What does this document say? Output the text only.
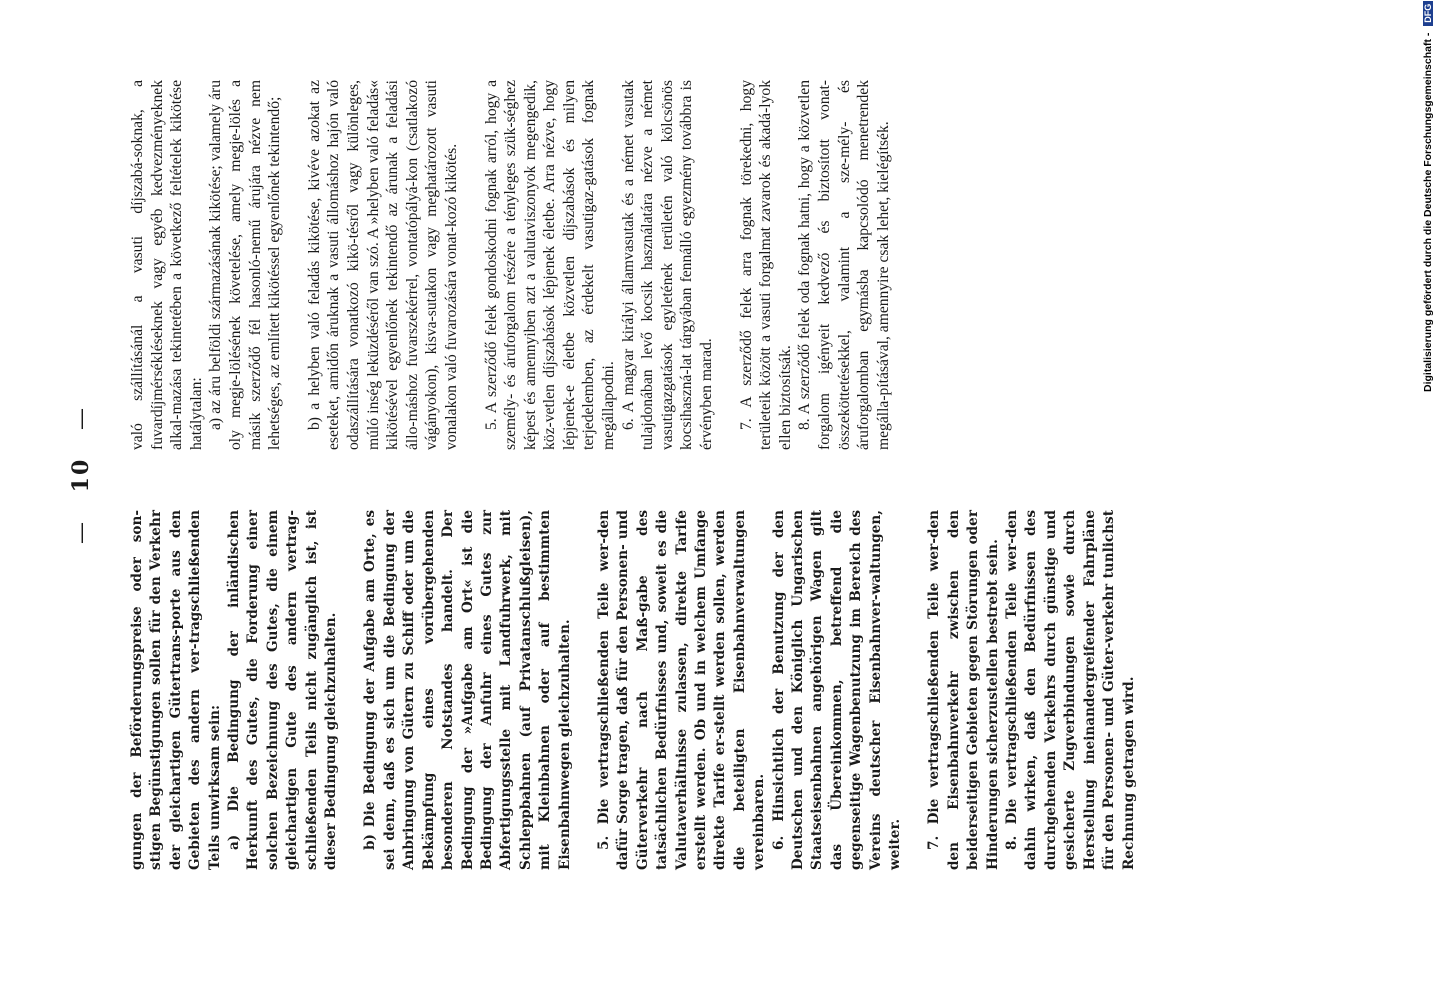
— 10 —

gungen der Beförderungspreise oder son-stigen Begünstigungen sollen für den Verkehr der gleichartigen Gütertrans-porte aus den Gebieten des andern ver-tragschließenden Teils unwirksam sein: a) Die Bedingung der inländischen Herkunft des Gutes, die Forderung einer solchen Bezeichnung des Gutes, die einem gleichartigen Gute des andern vertrag-schließenden Teils nicht zugänglich ist, ist dieser Bedingung gleichzuhalten. b) Die Bedingung der Aufgabe am Orte, es sei denn, daß es sich um die Bedingung der Anbringung von Gütern zu Schiff oder um die Bekämpfung eines vorübergehenden besonderen Notstandes handelt. Der Bedingung der »Aufgabe am Ort« ist die Bedingung der Anfuhr eines Gutes zur Abfertigungsstelle mit Landfuhrwerk, mit Schleppbahnen (auf Privatanschlußgleisen), mit Kleinbahnen oder auf bestimmten Eisenbahnwegen gleichzuhalten. 5. Die vertragschließenden Teile wer-den dafür Sorge tragen, daß für den Personen- und Güterverkehr nach Maß-gabe des tatsächlichen Bedürfnisses und, soweit es die Valutaverhältnisse zulassen, direkte Tarife erstellt werden. Ob und in welchem Umfange direkte Tarife er-stellt werden sollen, werden die beteiligten Eisenbahnverwaltungen vereinbaren. 6. Hinsichtlich der Benutzung der den Deutschen und den Königlich Ungarischen Staatseisenbahnen angehörigen Wagen gilt das Übereinkommen, betreffend die gegenseitige Wagenbenutzung im Bereich des Vereins deutscher Eisenbahnver-waltungen, weiter. 7. Die vertragschließenden Teile wer-den den Eisenbahnverkehr zwischen den beiderseitigen Gebieten gegen Störungen oder Hinderungen sicherzustellen bestrebt sein. 8. Die vertragschließenden Teile wer-den dahin wirken, daß den Bedürfnissen des durchgehenden Verkehrs durch günstige und gesicherte Zugverbindungen sowie durch Herstellung ineinandergreifender Fahrpläne für den Personen- und Güter-verkehr tunlichst Rechnung getragen wird.

való szállításánál a vasuti díjszabá-soknak, a fuvardíjmérsékléseknek vagy egyéb kedvezményeknek alkal-mazása tekintetében a következő feltételek kikötése hatálytalan: a) az áru belföldi származásának kikötése; valamely áru oly megje-lölésének követelése, amely megje-lölés a másik szerződő fél hasonló-nemű árujára nézve nem lehetséges, az említett kikötéssel egyenlőnek tekintendő; b) a helyben való feladás kikötése, kivéve azokat az eseteket, amidőn áruknak a vasuti állomáshoz hajón való odaszállítására vonatkozó kikö-tésről vagy különleges, múló inség leküzdéséről van szó. A »helyben való feladás« kikötésével egyenlőnek tekintendő az árunak a feladási állo-máshoz fuvarszekérrel, vontatópályá-kon (csatlakozó vágányokon), kisva-sutakon vagy meghatározott vasuti vonalakon való fuvarozására vonat-kozó kikötés. 5. A szerződő felek gondoskodni fognak arról, hogy a személy- és áruforgalom részére a tényleges szük-séghez képest és amennyiben azt a valutaviszonyok megengedik, köz-vetlen díjszabások lépjenek életbe. Arra nézve, hogy lépjenek-e életbe közvetlen díjszabások és milyen terjedelemben, az érdekelt vasutigaz-gatások fognak megállapodni. 6. A magyar királyi államvasutak és a német vasutak tulajdonában levő kocsik használatára nézve a német vasutigazgatások egyletének területén való kölcsönös kocsihaszná-lat tárgyában fennálló egyezmény továbbra is érvényben marad. 7. A szerződő felek arra fognak törekedni, hogy területeik között a vasuti forgalmat zavarok és akadá-lyok ellen biztosítsák. 8. A szerződő felek oda fognak hatni, hogy a közvetlen forgalom igényeit kedvező és biztosított vonat-összeköttetésekkel, valamint a sze-mély- és áruforgalomban egymásba kapcsolódó menetrendek megálla-pításával, amennyire csak lehet, kielégítsék.	Digitalisierung gefördert durch die Deutsche Forschungsgemeinschaft - DFG
